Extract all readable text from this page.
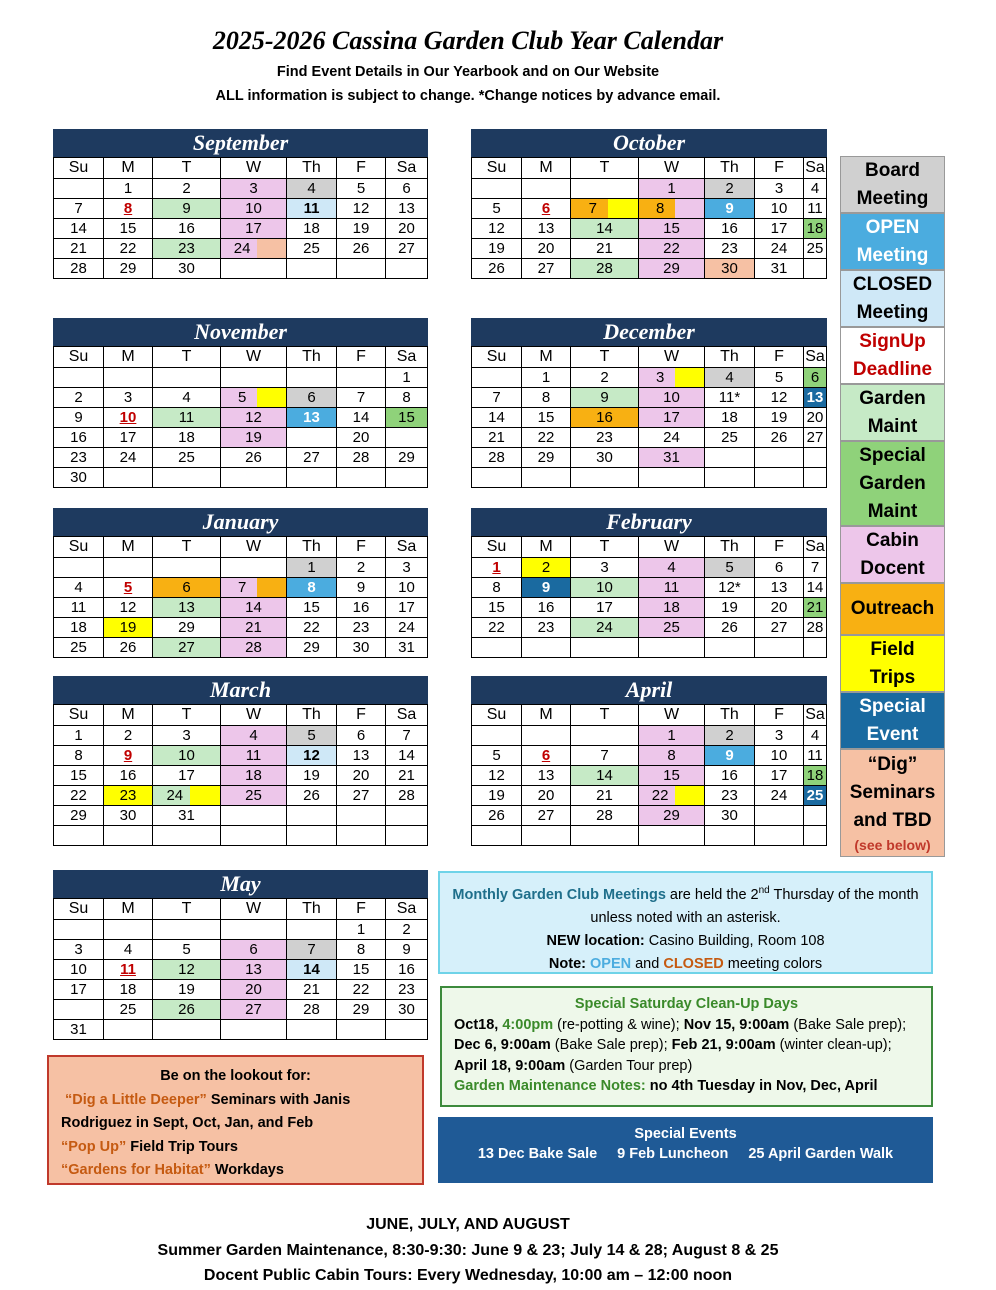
2025-2026 Cassina Garden Club Year Calendar
Find Event Details in Our Yearbook and on Our Website
ALL information is subject to change. *Change notices by advance email.
September
Su	M	T	W	Th	F	Sa
	1	2	3	4	5	6
7	8	9	10	11	12	13
14	15	16	17	18	19	20
21	22	23	24	25	26	27
28	29	30				
October
Su	M	T	W	Th	F	Sa
			1	2	3	4
5	6	7	8	9	10	11
12	13	14	15	16	17	18
19	20	21	22	23	24	25
26	27	28	29	30	31	
November
Su	M	T	W	Th	F	Sa
						1
2	3	4	5	6	7	8
9	10	11	12	13	14	15
16	17	18	19		20	
23	24	25	26	27	28	29
30						
December
Su	M	T	W	Th	F	Sa
	1	2	3	4	5	6
7	8	9	10	11*	12	13
14	15	16	17	18	19	20
21	22	23	24	25	26	27
28	29	30	31			

January
Su	M	T	W	Th	F	Sa
				1	2	3
4	5	6	7	8	9	10
11	12	13	14	15	16	17
18	19	29	21	22	23	24
25	26	27	28	29	30	31
February
Su	M	T	W	Th	F	Sa
1	2	3	4	5	6	7
8	9	10	11	12*	13	14
15	16	17	18	19	20	21
22	23	24	25	26	27	28

March
Su	M	T	W	Th	F	Sa
1	2	3	4	5	6	7
8	9	10	11	12	13	14
15	16	17	18	19	20	21
22	23	24	25	26	27	28
29	30	31				

April
Su	M	T	W	Th	F	Sa
			1	2	3	4
5	6	7	8	9	10	11
12	13	14	15	16	17	18
19	20	21	22	23	24	25
26	27	28	29	30		

May
Su	M	T	W	Th	F	Sa
					1	2
3	4	5	6	7	8	9
10	11	12	13	14	15	16
17	18	19	20	21	22	23
	25	26	27	28	29	30
31						
Board
Meeting
OPEN
Meeting
CLOSED
Meeting
SignUp
Deadline
Garden
Maint
Special
Garden
Maint
Cabin
Docent
Outreach
Field
Trips
Special
Event
“Dig”
Seminars
and TBD
(see below)
Monthly Garden Club Meetings are held the 2nd Thursday of the month unless noted with an asterisk.
NEW location: Casino Building, Room 108
Note: OPEN and CLOSED meeting colors
Special Saturday Clean-Up Days
Oct18, 4:00pm (re-potting & wine); Nov 15, 9:00am (Bake Sale prep); Dec 6, 9:00am (Bake Sale prep); Feb 21, 9:00am (winter clean-up); April 18, 9:00am (Garden Tour prep)
Garden Maintenance Notes: no 4th Tuesday in Nov, Dec, April
Special Events
13 Dec Bake Sale 9 Feb Luncheon 25 April Garden Walk
Be on the lookout for:
“Dig a Little Deeper” Seminars with Janis Rodriguez in Sept, Oct, Jan, and Feb
“Pop Up” Field Trip Tours
“Gardens for Habitat” Workdays
JUNE, JULY, AND AUGUST
Summer Garden Maintenance, 8:30-9:30: June 9 & 23; July 14 & 28; August 8 & 25
Docent Public Cabin Tours: Every Wednesday, 10:00 am – 12:00 noon
